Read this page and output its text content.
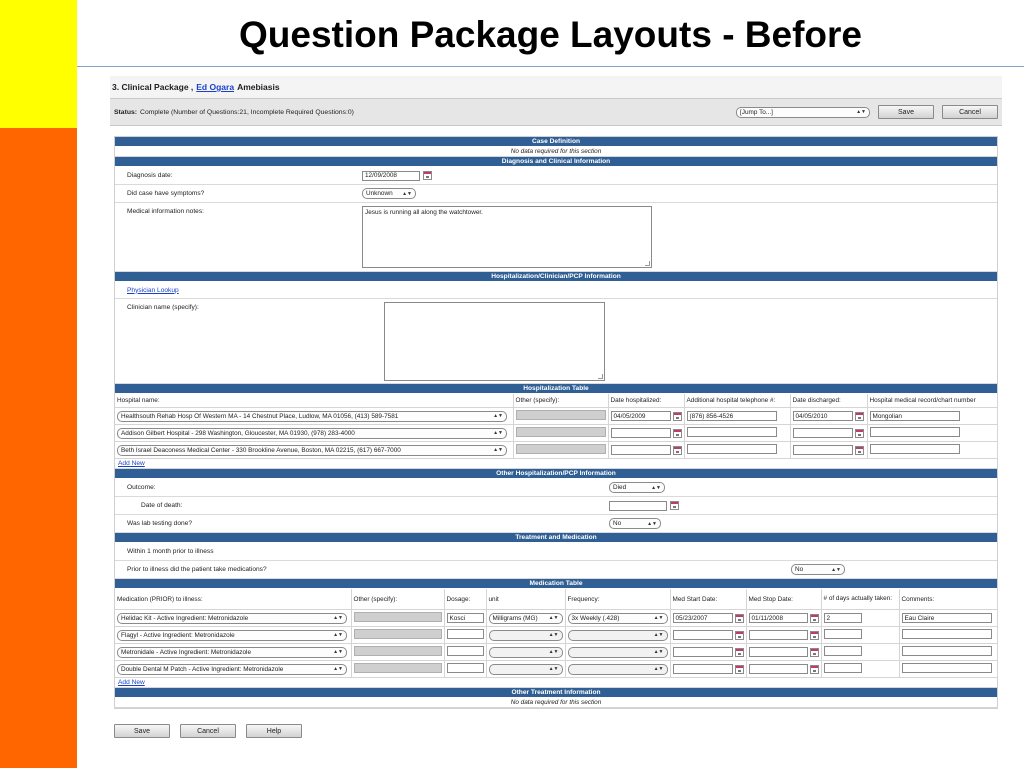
Question Package Layouts - Before
3. Clinical Package , Ed Ogara Amebiasis
Status: Complete (Number of Questions:21, Incomplete Required Questions:0)	[Jump To...]	▲▼	Save	Cancel
Case Definition
No data required for this section
Diagnosis and Clinical Information
Diagnosis date:	12/09/2008
Did case have symptoms?	Unknown ▲▼
Medical information notes:	Jesus is running all along the watchtower.
Hospitalization/Clinician/PCP Information
Physician Lookup
Clinician name (specify):
Hospitalization Table
Hospital name:	Other (specify):	Date hospitalized:	Additional hospital telephone #:	Date discharged:	Hospital medical record/chart number

Healthsouth Rehab Hosp Of Western MA - 14 Chestnut Place, Ludlow, MA 01056, (413) 589-7581 ▲▼		04/05/2009	(876) 856-4526	04/05/2010	Mongolian

Addison Gilbert Hospital - 298 Washington, Gloucester, MA 01930, (978) 283-4000 ▲▼					

Beth Israel Deaconess Medical Center - 330 Brookline Avenue, Boston, MA 02215, (617) 667-7000 ▲▼					

Add New
Other Hospitalization/PCP Information
Outcome:	Died	▲▼
Date of death:
Was lab testing done?	No	▲▼
Treatment and Medication
Within 1 month prior to illness
Prior to illness did the patient take medications?	No	▲▼
Medication Table
Medication (PRIOR) to illness:	Other (specify):	Dosage:	unit	Frequency:	Med Start Date:	Med Stop Date:	# of days actually taken:	Comments:

Helidac Kit - Active Ingredient: Metronidazole ▲▼		Kosci	Milligrams (MG) ▲▼	3x Weekly (.428) ▲▼	05/23/2007	01/11/2008	2	Eau Claire

Flagyl - Active Ingredient: Metronidazole ▲▼			▲▼	▲▼				

Metronidale - Active Ingredient: Metronidazole ▲▼			▲▼	▲▼				

Double Dental M Patch - Active Ingredient: Metronidazole ▲▼			▲▼	▲▼				

Add New
Other Treatment Information
No data required for this section
Save	Cancel	Help
